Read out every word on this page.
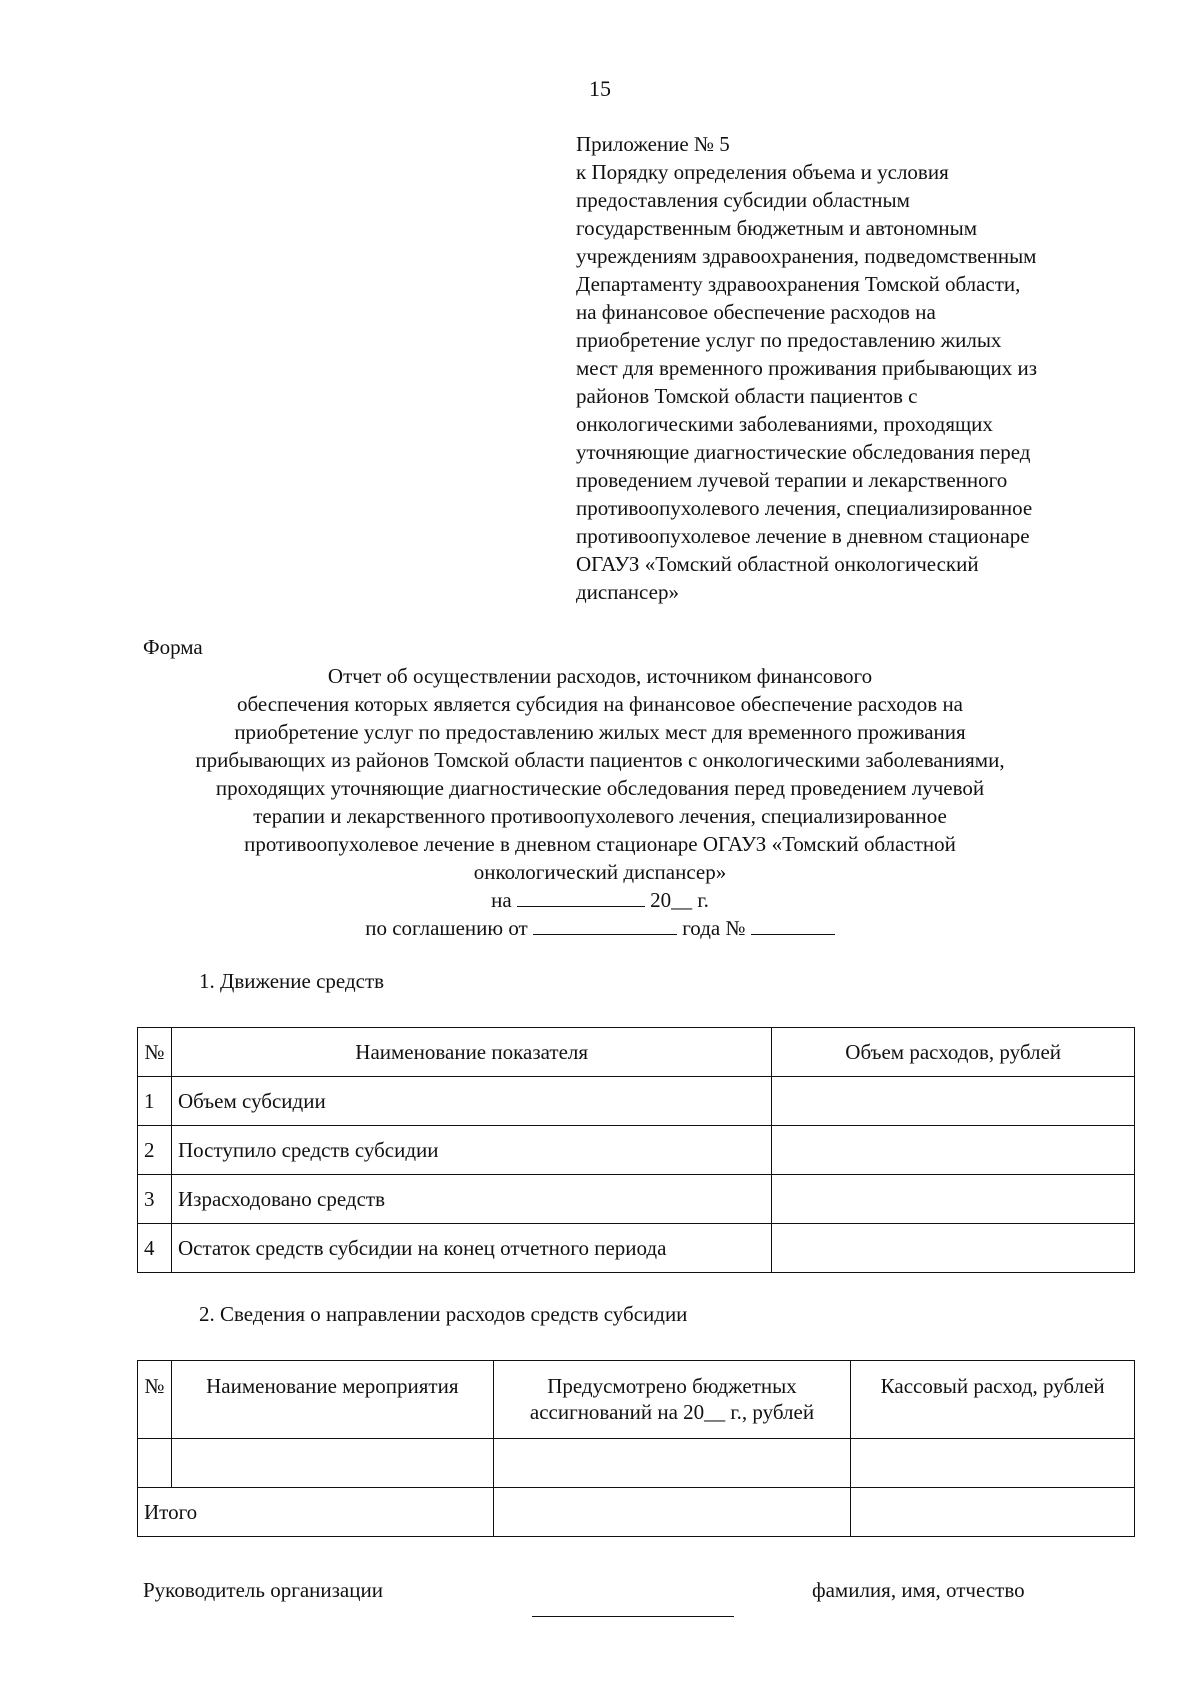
15
Приложение № 5
к Порядку определения объема и условия
предоставления субсидии областным
государственным бюджетным и автономным
учреждениям здравоохранения, подведомственным
Департаменту здравоохранения Томской области,
на финансовое обеспечение расходов на
приобретение услуг по предоставлению жилых
мест для временного проживания прибывающих из
районов Томской области пациентов с
онкологическими заболеваниями, проходящих
уточняющие диагностические обследования перед
проведением лучевой терапии и лекарственного
противоопухолевого лечения, специализированное
противоопухолевое лечение в дневном стационаре
ОГАУЗ «Томский областной онкологический
диспансер»
Форма
Отчет об осуществлении расходов, источником финансового
обеспечения которых является субсидия на финансовое обеспечение расходов на
приобретение услуг по предоставлению жилых мест для временного проживания
прибывающих из районов Томской области пациентов с онкологическими заболеваниями,
проходящих уточняющие диагностические обследования перед проведением лучевой
терапии и лекарственного противоопухолевого лечения, специализированное
противоопухолевое лечение в дневном стационаре ОГАУЗ «Томский областной
онкологический диспансер»
на	20__ г.
по соглашению от	года №
1. Движение средств
№	Наименование показателя	Объем расходов, рублей
1	Объем субсидии	
2	Поступило средств субсидии	
3	Израсходовано средств	
4	Остаток средств субсидии на конец отчетного периода	
2. Сведения о направлении расходов средств субсидии
№	Наименование мероприятия	Предусмотрено бюджетных ассигнований на 20__ г., рублей	Кассовый расход, рублей

Итого			
Руководитель организации	фамилия, имя, отчество
